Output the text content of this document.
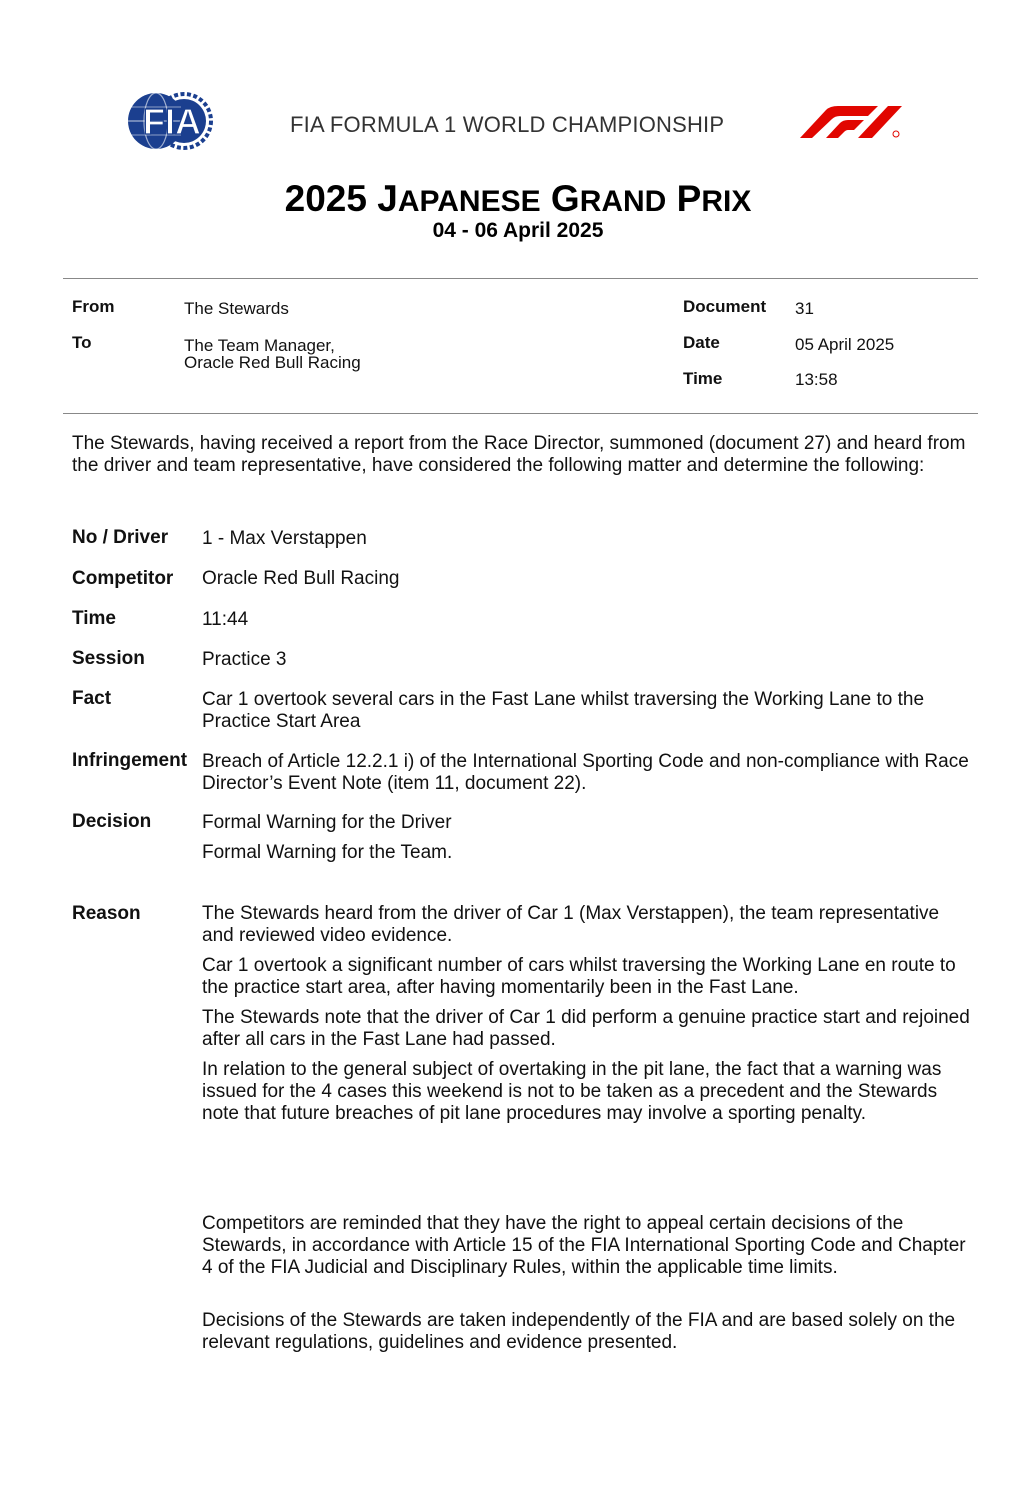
FIA	FIA FORMULA 1 WORLD CHAMPIONSHIP
2025 JAPANESE GRAND PRIX
04 - 06 April 2025
From	The Stewards
To	The Team Manager,
Oracle Red Bull Racing
Document 31
Date	05 April 2025
Time	13:58
The Stewards, having received a report from the Race Director, summoned (document 27) and heard from the driver and team representative, have considered the following matter and determine the following:
No / Driver 1 - Max Verstappen
Competitor Oracle Red Bull Racing
Time	11:44
Session	Practice 3
Fact	Car 1 overtook several cars in the Fast Lane whilst traversing the Working Lane to the Practice Start Area
Infringement Breach of Article 12.2.1 i) of the International Sporting Code and non-compliance with Race Director’s Event Note (item 11, document 22).
Decision	Formal Warning for the Driver
Formal Warning for the Team.
Reason	The Stewards heard from the driver of Car 1 (Max Verstappen), the team representative and reviewed video evidence.

Car 1 overtook a significant number of cars whilst traversing the Working Lane en route to the practice start area, after having momentarily been in the Fast Lane.

The Stewards note that the driver of Car 1 did perform a genuine practice start and rejoined after all cars in the Fast Lane had passed.

In relation to the general subject of overtaking in the pit lane, the fact that a warning was issued for the 4 cases this weekend is not to be taken as a precedent and the Stewards note that future breaches of pit lane procedures may involve a sporting penalty.

Competitors are reminded that they have the right to appeal certain decisions of the Stewards, in accordance with Article 15 of the FIA International Sporting Code and Chapter 4 of the FIA Judicial and Disciplinary Rules, within the applicable time limits.
Decisions of the Stewards are taken independently of the FIA and are based solely on the relevant regulations, guidelines and evidence presented.
